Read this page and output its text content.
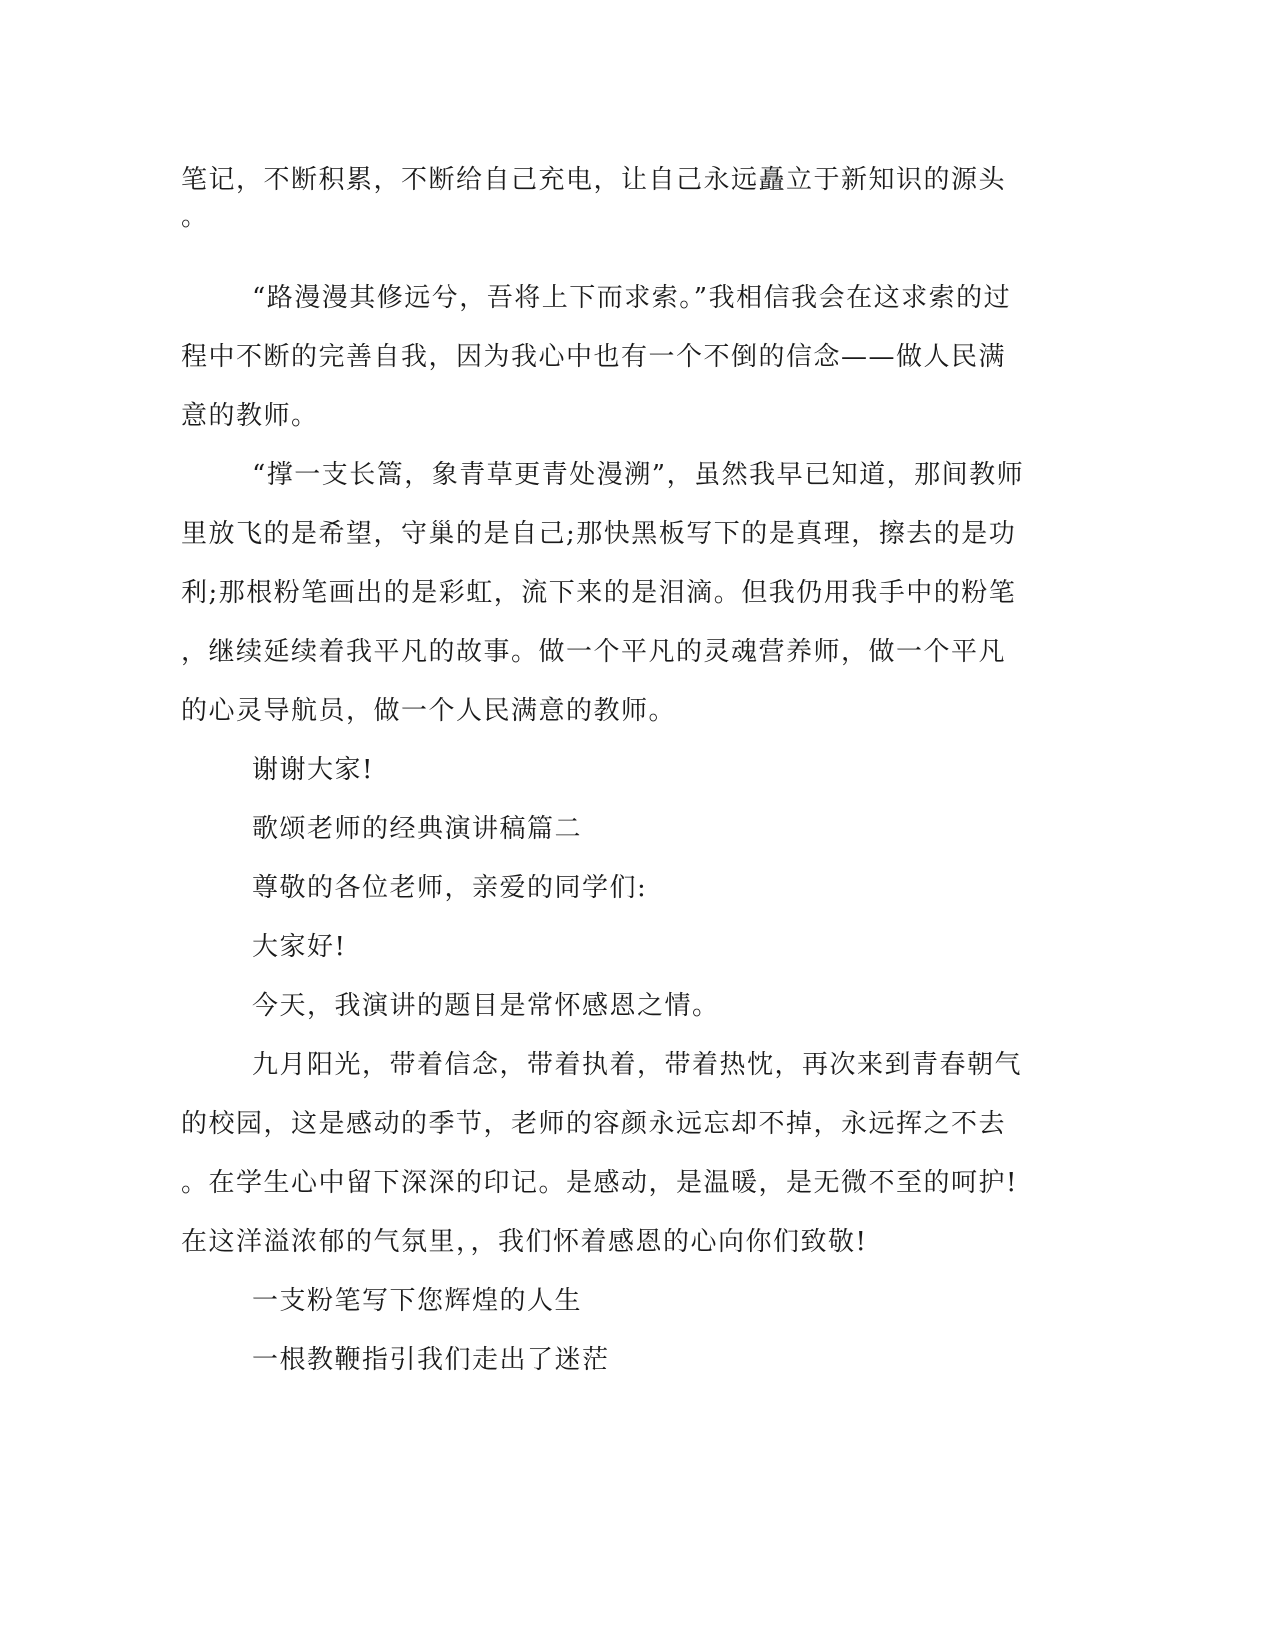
笔记，不断积累，不断给自己充电，让自己永远矗立于新知识的源头
。
“路漫漫其修远兮，吾将上下而求索。”我相信我会在这求索的过
程中不断的完善自我，因为我心中也有一个不倒的信念——做人民满
意的教师。
“撑一支长篙，象青草更青处漫溯”，虽然我早已知道，那间教师
里放飞的是希望，守巢的是自己;那快黑板写下的是真理，擦去的是功
利;那根粉笔画出的是彩虹，流下来的是泪滴。但我仍用我手中的粉笔
，继续延续着我平凡的故事。做一个平凡的灵魂营养师，做一个平凡
的心灵导航员，做一个人民满意的教师。
谢谢大家!
歌颂老师的经典演讲稿篇二
尊敬的各位老师，亲爱的同学们:
大家好!
今天，我演讲的题目是常怀感恩之情。
九月阳光，带着信念，带着执着，带着热忱，再次来到青春朝气
的校园，这是感动的季节，老师的容颜永远忘却不掉，永远挥之不去
。在学生心中留下深深的印记。是感动，是温暖，是无微不至的呵护!
在这洋溢浓郁的气氛里，，我们怀着感恩的心向你们致敬!
一支粉笔写下您辉煌的人生
一根教鞭指引我们走出了迷茫
